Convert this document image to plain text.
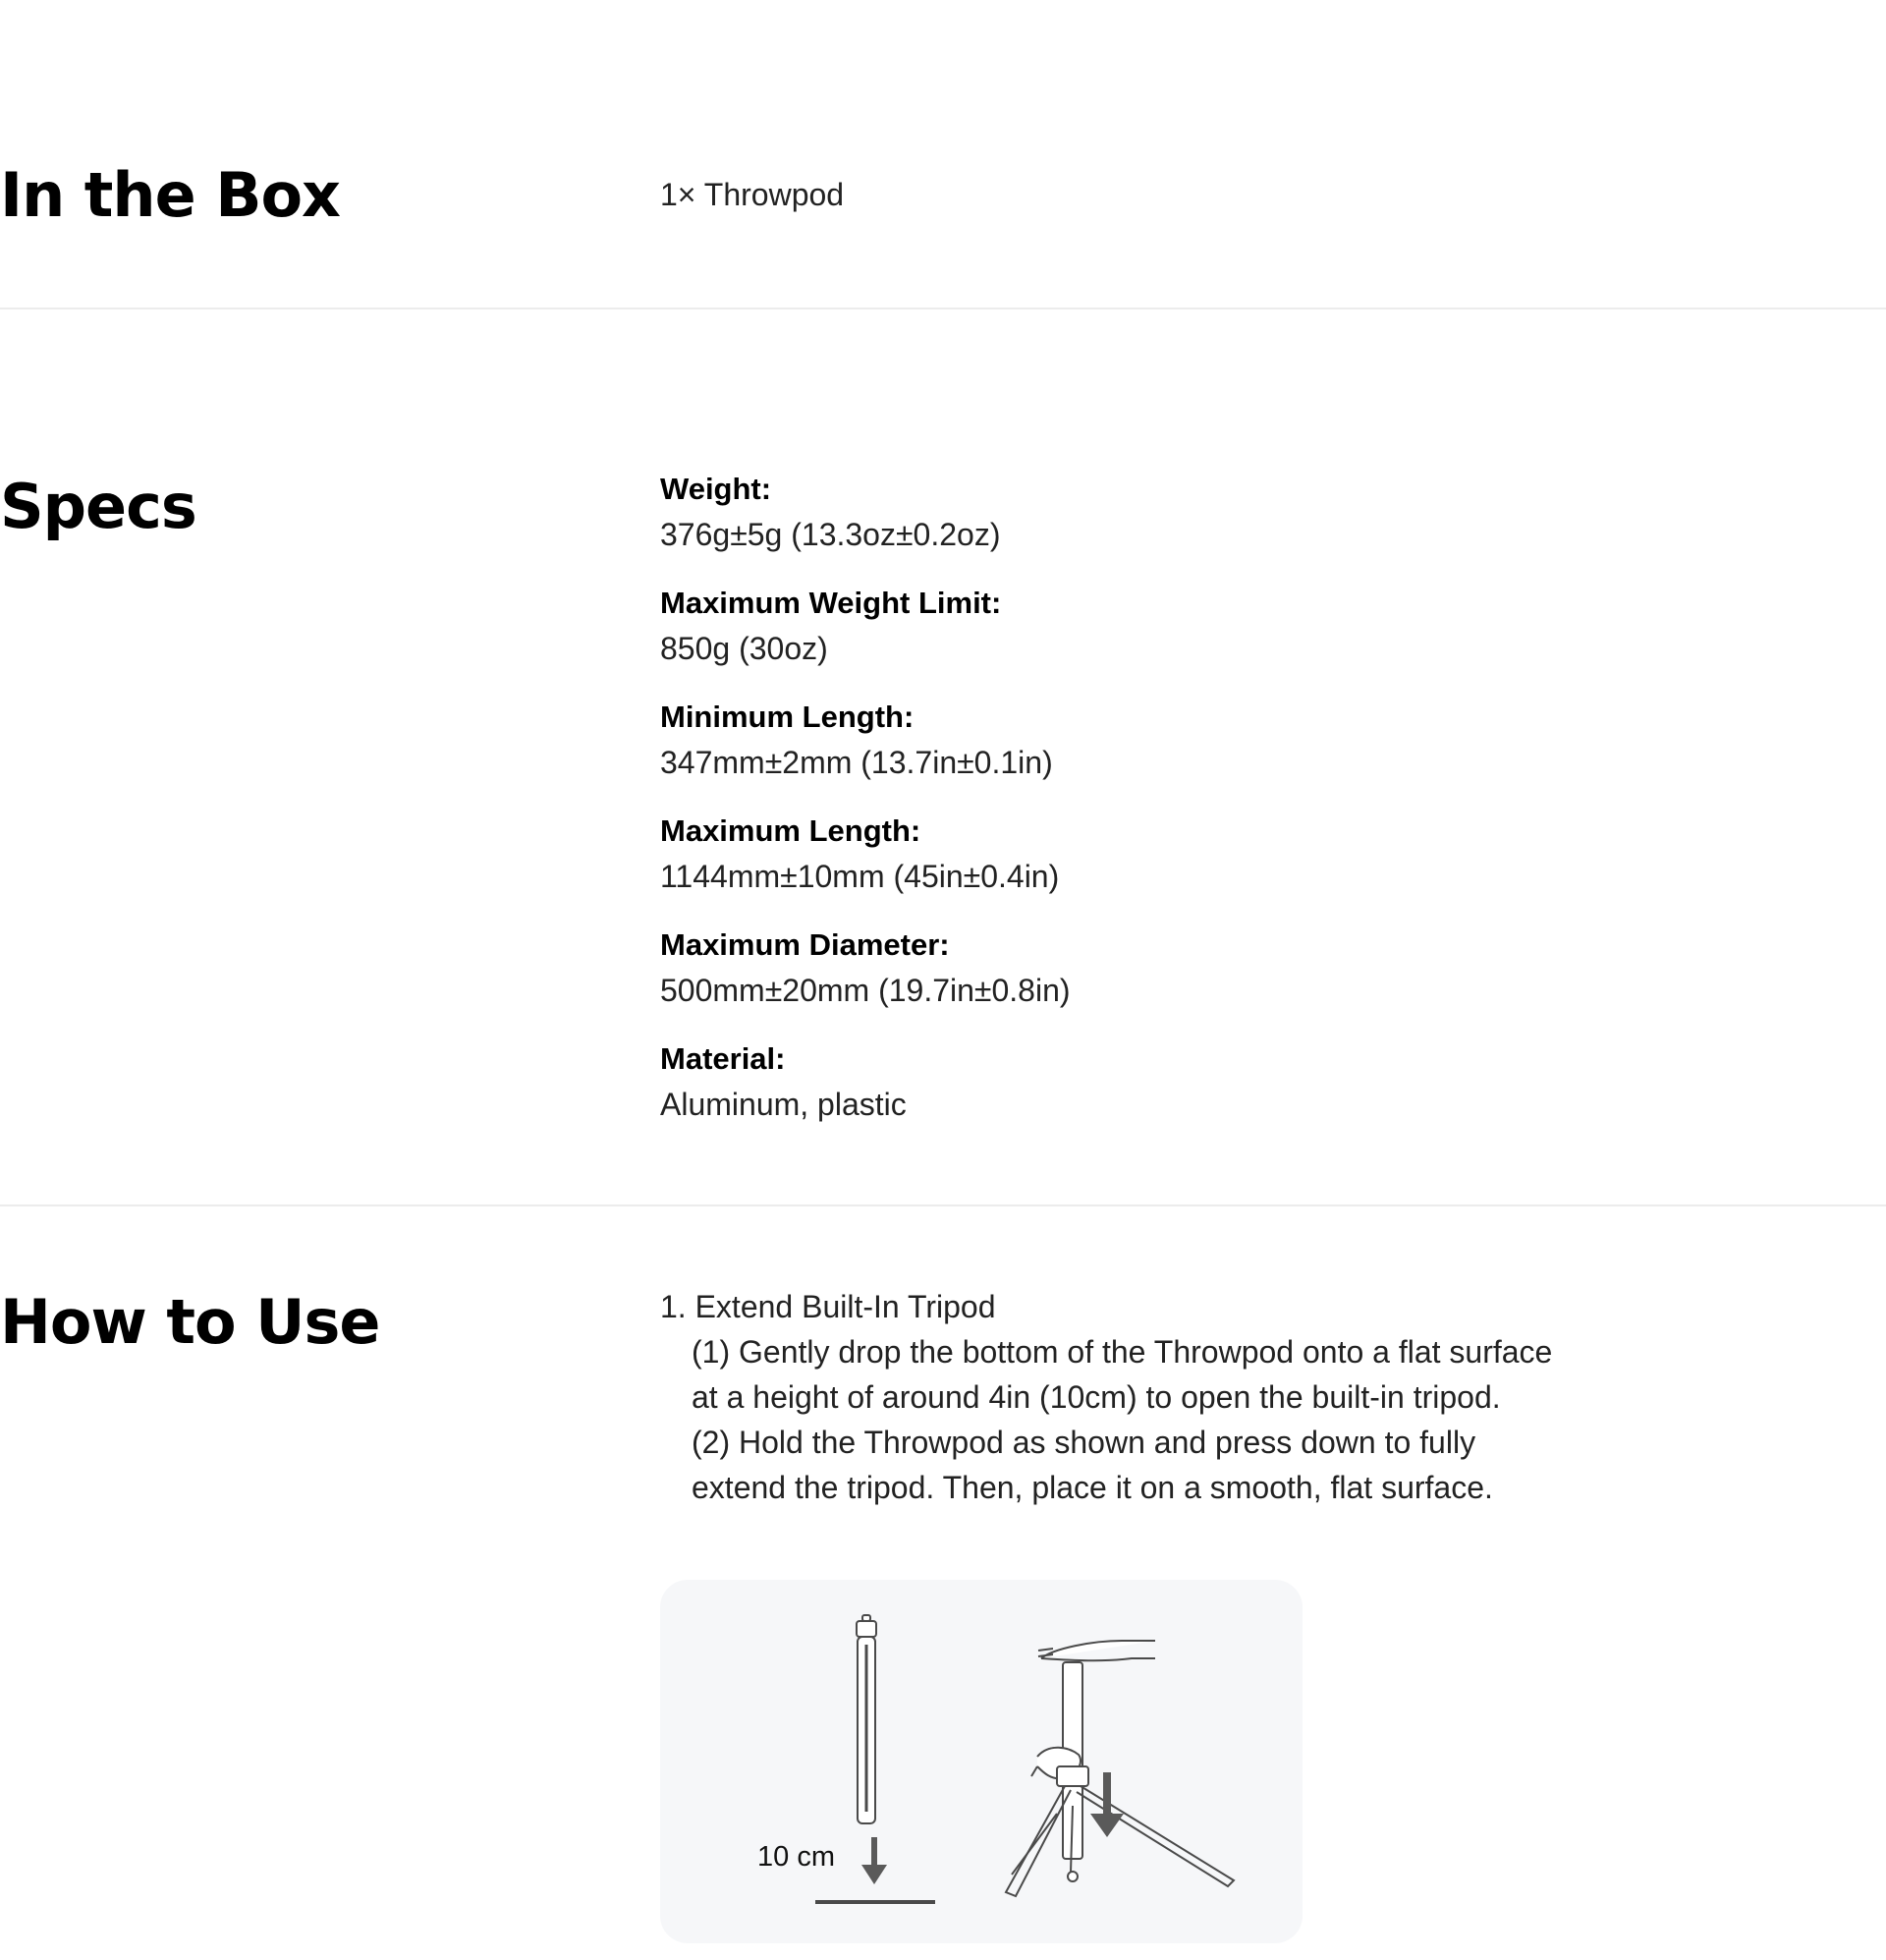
In the Box	1× Throwpod
Specs	Weight:
376g±5g (13.3oz±0.2oz)
Maximum Weight Limit:
850g (30oz)
Minimum Length:
347mm±2mm (13.7in±0.1in)
Maximum Length:
1144mm±10mm (45in±0.4in)
Maximum Diameter:
500mm±20mm (19.7in±0.8in)
Material:
Aluminum, plastic
How to Use	1. Extend Built-In Tripod
(1) Gently drop the bottom of the Throwpod onto a flat surface at a height of around 4in (10cm) to open the built-in tripod.
(2) Hold the Throwpod as shown and press down to fully extend the tripod. Then, place it on a smooth, flat surface.
10 cm
